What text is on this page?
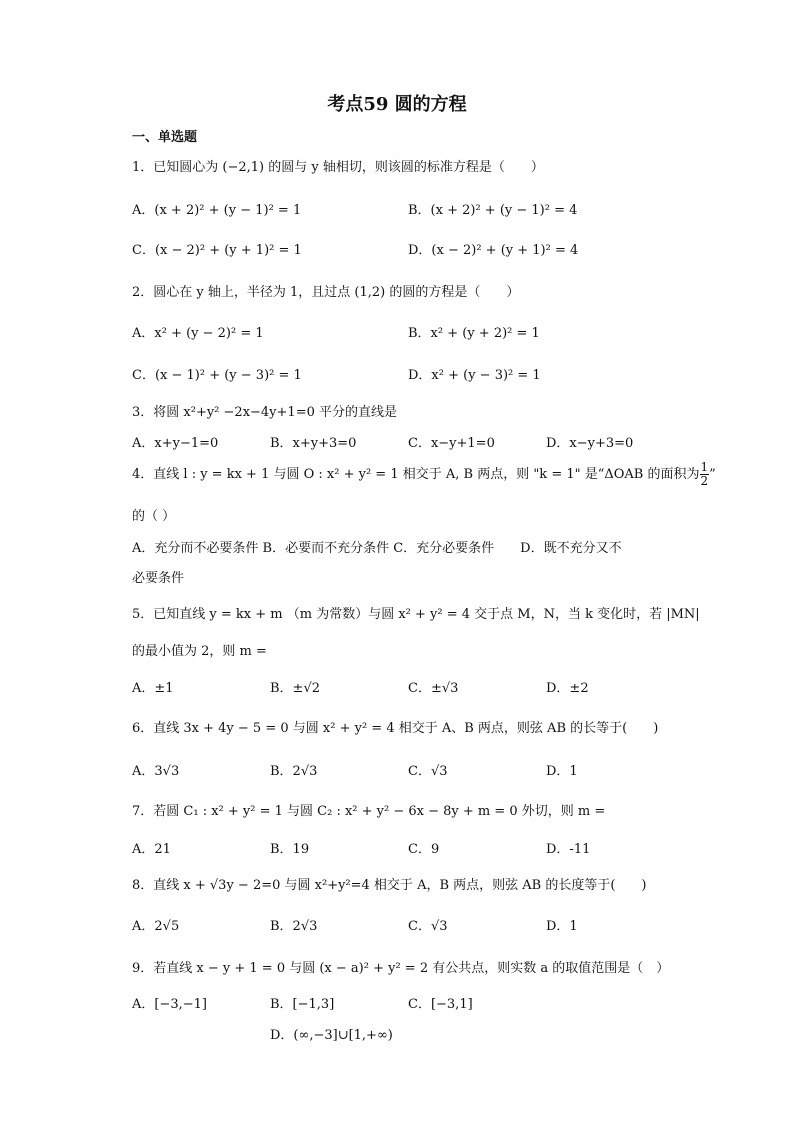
考点59 圆的方程
一、单选题
1．已知圆心为 (−2,1) 的圆与 y 轴相切，则该圆的标准方程是（　　）
A．(x + 2)² + (y − 1)² = 1	B．(x + 2)² + (y − 1)² = 4
C．(x − 2)² + (y + 1)² = 1	D．(x − 2)² + (y + 1)² = 4
2．圆心在 y 轴上，半径为 1，且过点 (1,2) 的圆的方程是（　　）
A．x² + (y − 2)² = 1	B．x² + (y + 2)² = 1
C．(x − 1)² + (y − 3)² = 1	D．x² + (y − 3)² = 1
3．将圆 x²+y² −2x−4y+1=0 平分的直线是
A．x+y−1=0	B．x+y+3=0	C．x−y+1=0	D．x−y+3=0
4．直线 l : y = kx + 1 与圆 O : x² + y² = 1 相交于 A, B 两点，则 "k = 1" 是“ΔOAB 的面积为 $\frac{1}{2}$ ”
的（ ）
A．充分而不必要条件 B．必要而不充分条件 C．充分必要条件　　D．既不充分又不
必要条件
5．已知直线 y = kx + m （m 为常数）与圆 x² + y² = 4 交于点 M，N，当 k 变化时，若 |MN|
的最小值为 2，则 m =
A．±1	B．±√2	C．±√3	D．±2
6．直线 3x + 4y − 5 = 0 与圆 x² + y² = 4 相交于 A、B 两点，则弦 AB 的长等于(　　)
A．3√3	B．2√3	C．√3	D．1
7．若圆 C₁ : x² + y² = 1 与圆 C₂ : x² + y² − 6x − 8y + m = 0 外切，则 m =
A．21	B．19	C．9	D．-11
8．直线 x + √3y − 2=0 与圆 x²+y²=4 相交于 A，B 两点，则弦 AB 的长度等于(　　)
A．2√5	B．2√3	C．√3	D．1
9．若直线 x − y + 1 = 0 与圆 (x − a)² + y² = 2 有公共点，则实数 a 的取值范围是（　）
A．[−3,−1]	B．[−1,3]	C．[−3,1]
D．(∞,−3]∪[1,+∞)
